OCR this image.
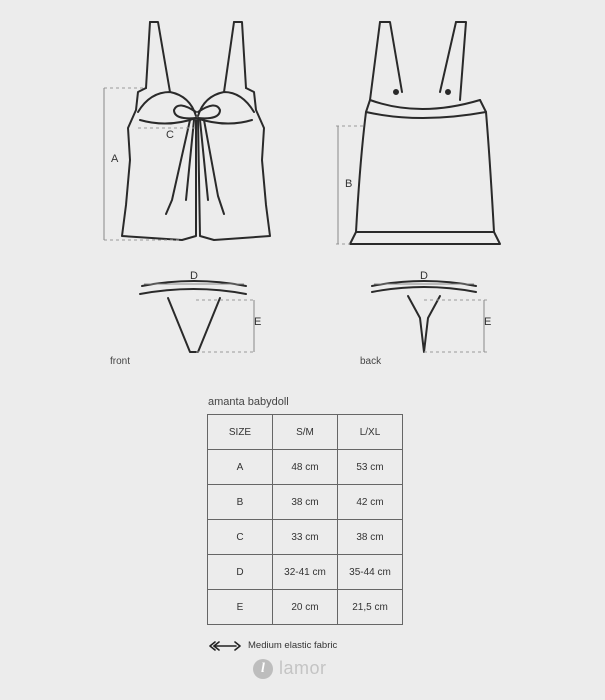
A
B
C
D	D
E	E
front	back
amanta babydoll
SIZE	S/M	L/XL
A	48 cm	53 cm
B	38 cm	42 cm
C	33 cm	38 cm
D	32-41 cm	35-44 cm
E	20 cm	21,5 cm
Medium elastic fabric
l lamor
